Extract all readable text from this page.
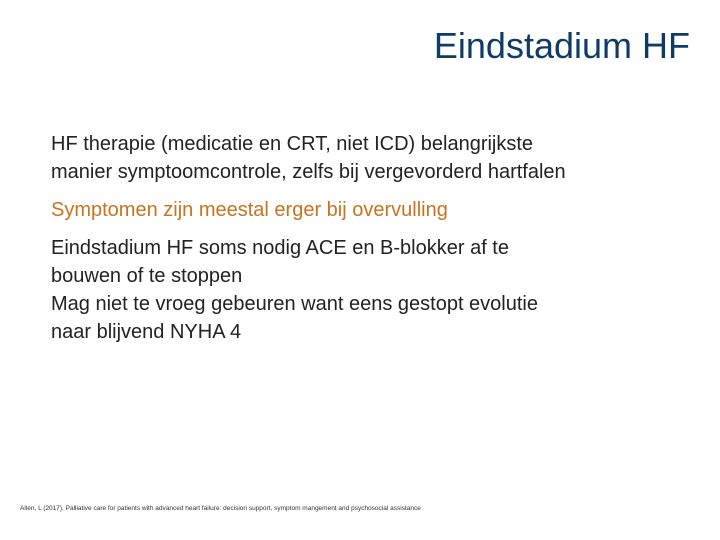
Eindstadium HF

HF therapie (medicatie en CRT, niet ICD) belangrijkste
manier symptoomcontrole, zelfs bij vergevorderd hartfalen

Symptomen zijn meestal erger bij overvulling

Eindstadium HF soms nodig ACE en B-blokker af te
bouwen of te stoppen
Mag niet te vroeg gebeuren want eens gestopt evolutie
naar blijvend NYHA 4

Allen, L (2017). Palliative care for patients with advanced heart failure: decision support, symptom mangement and psychosocial assistance
